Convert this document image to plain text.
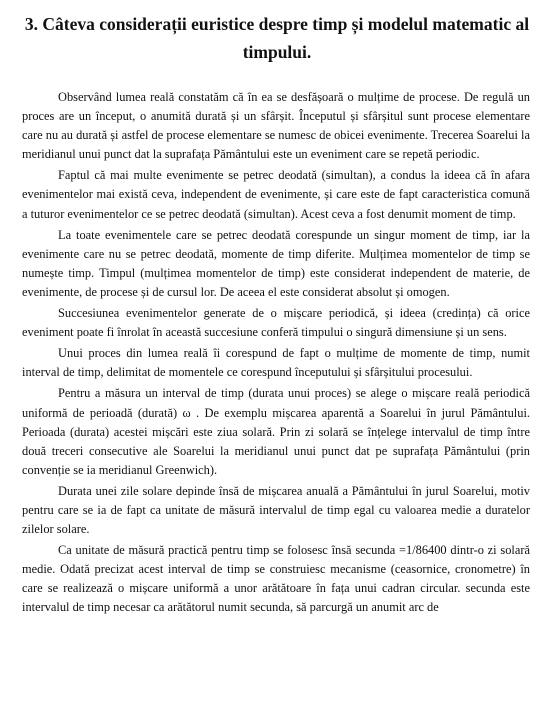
3. Câteva considerații euristice despre timp și modelul matematic al timpului.

Observând lumea reală constatăm că în ea se desfășoară o mulțime de procese. De regulă un proces are un început, o anumită durată și un sfârșit. Începutul și sfârșitul sunt procese elementare care nu au durată și astfel de procese elementare se numesc de obicei evenimente. Trecerea Soarelui la meridianul unui punct dat la suprafața Pământului este un eveniment care se repetă periodic.

Faptul că mai multe evenimente se petrec deodată (simultan), a condus la ideea că în afara evenimentelor mai există ceva, independent de evenimente, și care este de fapt caracteristica comună a tuturor evenimentelor ce se petrec deodată (simultan). Acest ceva a fost denumit moment de timp.

La toate evenimentele care se petrec deodată corespunde un singur moment de timp, iar la evenimente care nu se petrec deodată, momente de timp diferite. Mulțimea momentelor de timp se numește timp. Timpul (mulțimea momentelor de timp) este considerat independent de materie, de evenimente, de procese și de cursul lor. De aceea el este considerat absolut și omogen.

Succesiunea evenimentelor generate de o mișcare periodică, și ideea (credința) că orice eveniment poate fi înrolat în această succesiune conferă timpului o singură dimensiune și un sens.

Unui proces din lumea reală îi corespund de fapt o mulțime de momente de timp, numit interval de timp, delimitat de momentele ce corespund începutului și sfârșitului procesului.

Pentru a măsura un interval de timp (durata unui proces) se alege o mișcare reală periodică uniformă de perioadă (durată) ω . De exemplu mișcarea aparentă a Soarelui în jurul Pământului. Perioada (durata) acestei mișcări este ziua solară. Prin zi solară se înțelege intervalul de timp între două treceri consecutive ale Soarelui la meridianul unui punct dat pe suprafața Pământului (prin convenție se ia meridianul Greenwich).

Durata unei zile solare depinde însă de mișcarea anuală a Pământului în jurul Soarelui, motiv pentru care se ia de fapt ca unitate de măsură intervalul de timp egal cu valoarea medie a duratelor zilelor solare.

Ca unitate de măsură practică pentru timp se folosesc însă secunda =1/86400 dintr-o zi solară medie. Odată precizat acest interval de timp se construiesc mecanisme (ceasornice, cronometre) în care se realizează o mișcare uniformă a unor arătătoare în fața unui cadran circular. secunda este intervalul de timp necesar ca arătătorul numit secunda, să parcurgă un anumit arc de
